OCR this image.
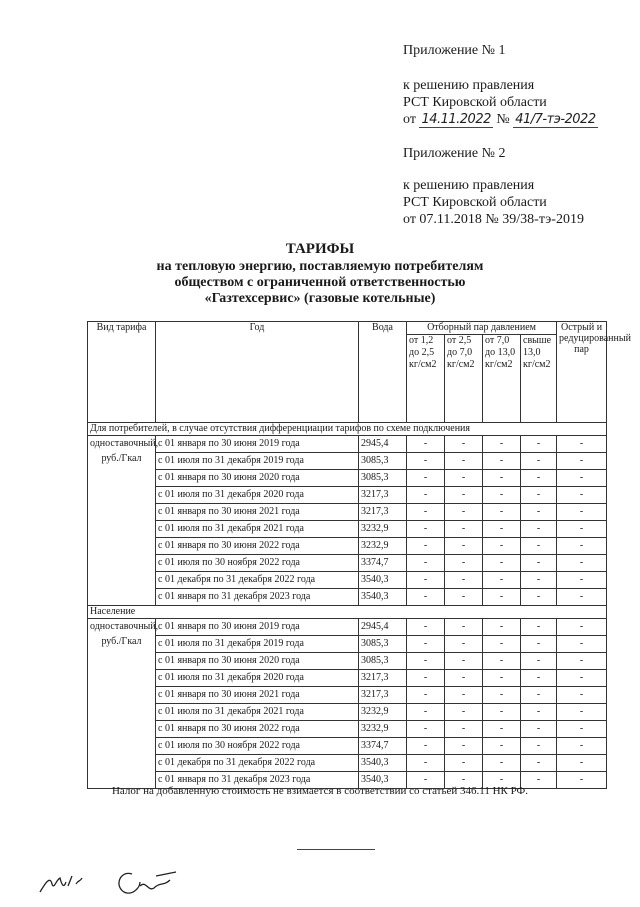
Приложение № 1
к решению правления
РСТ Кировской области
от 14.11.2022 № 41/7-тэ-2022
Приложение № 2
к решению правления
РСТ Кировской области
от 07.11.2018 № 39/38-тэ-2019
ТАРИФЫ
на тепловую энергию, поставляемую потребителям
обществом с ограниченной ответственностью
«Газтехсервис» (газовые котельные)
Вид тарифа	Год	Вода	Отборный пар давлением				Острый и редуцированный пар
			от 1,2 до 2,5 кг/см2	от 2,5 до 7,0 кг/см2	от 7,0 до 13,0 кг/см2	свыше 13,0 кг/см2	
Для потребителей, в случае отсутствия дифференциации тарифов по схеме подключения							
одноставочный, руб./Гкал	с 01 января по 30 июня 2019 года	2945,4	-	-	-	-	-
	с 01 июля по 31 декабря 2019 года	3085,3	-	-	-	-	-
	с 01 января по 30 июня 2020 года	3085,3	-	-	-	-	-
	с 01 июля по 31 декабря 2020 года	3217,3	-	-	-	-	-
	с 01 января по 30 июня 2021 года	3217,3	-	-	-	-	-
	с 01 июля по 31 декабря 2021 года	3232,9	-	-	-	-	-
	с 01 января по 30 июня 2022 года	3232,9	-	-	-	-	-
	с 01 июля по 30 ноября 2022 года	3374,7	-	-	-	-	-
	с 01 декабря по 31 декабря 2022 года	3540,3	-	-	-	-	-
	с 01 января по 31 декабря 2023 года	3540,3	-	-	-	-	-
Население							
одноставочный, руб./Гкал	с 01 января по 30 июня 2019 года	2945,4	-	-	-	-	-
	с 01 июля по 31 декабря 2019 года	3085,3	-	-	-	-	-
	с 01 января по 30 июня 2020 года	3085,3	-	-	-	-	-
	с 01 июля по 31 декабря 2020 года	3217,3	-	-	-	-	-
	с 01 января по 30 июня 2021 года	3217,3	-	-	-	-	-
	с 01 июля по 31 декабря 2021 года	3232,9	-	-	-	-	-
	с 01 января по 30 июня 2022 года	3232,9	-	-	-	-	-
	с 01 июля по 30 ноября 2022 года	3374,7	-	-	-	-	-
	с 01 декабря по 31 декабря 2022 года	3540,3	-	-	-	-	-
	с 01 января по 31 декабря 2023 года	3540,3	-	-	-	-	-
Налог на добавленную стоимость не взимается в соответствии со статьей 346.11 НК РФ.
